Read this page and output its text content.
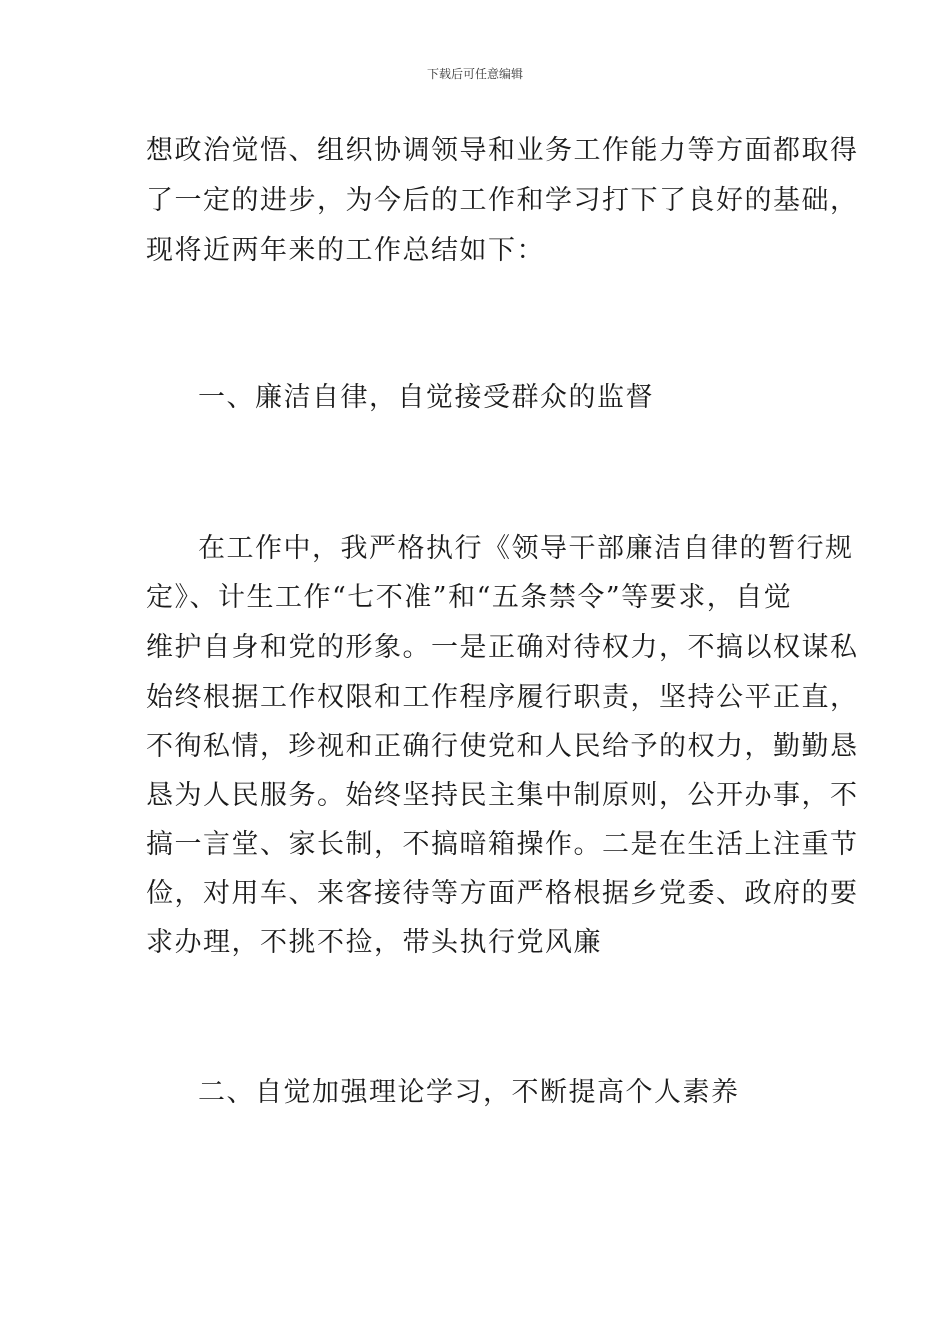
下载后可任意编辑
想政治觉悟、组织协调领导和业务工作能力等方面都取得
了一定的进步，为今后的工作和学习打下了良好的基础，
现将近两年来的工作总结如下：
一、廉洁自律，自觉接受群众的监督
在工作中，我严格执行《领导干部廉洁自律的暂行规
定》、计生工作“七不准”和“五条禁令”等要求，自觉
维护自身和党的形象。一是正确对待权力，不搞以权谋私
始终根据工作权限和工作程序履行职责，坚持公平正直，
不徇私情，珍视和正确行使党和人民给予的权力，勤勤恳
恳为人民服务。始终坚持民主集中制原则，公开办事，不
搞一言堂、家长制，不搞暗箱操作。二是在生活上注重节
俭，对用车、来客接待等方面严格根据乡党委、政府的要
求办理，不挑不捡，带头执行党风廉
二、自觉加强理论学习，不断提高个人素养
